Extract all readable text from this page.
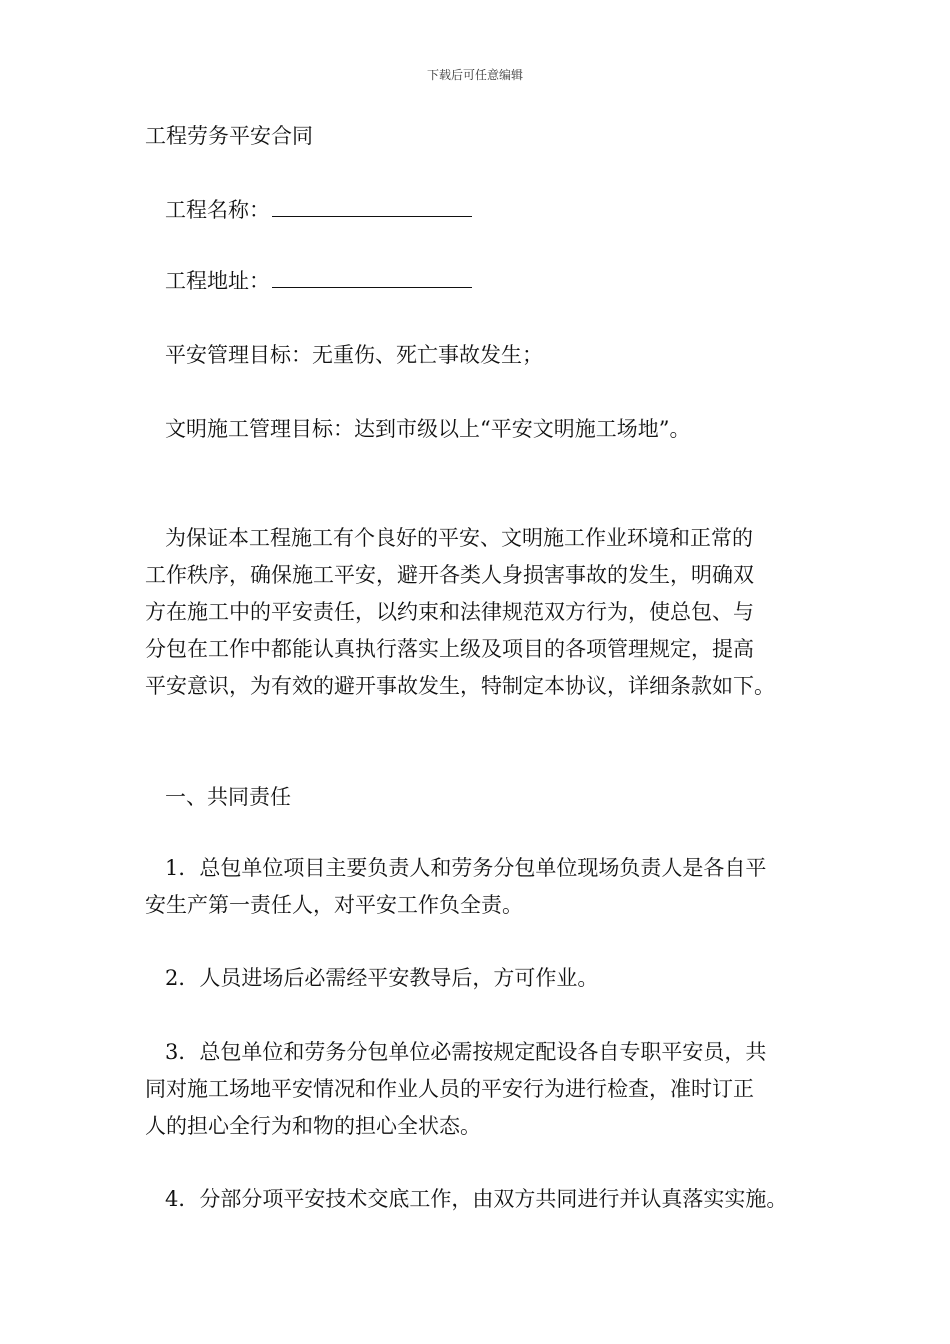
下载后可任意编辑
工程劳务平安合同
工程名称：
工程地址：
平安管理目标：无重伤、死亡事故发生；
文明施工管理目标：达到市级以上“平安文明施工场地”。
为保证本工程施工有个良好的平安、文明施工作业环境和正常的
工作秩序，确保施工平安，避开各类人身损害事故的发生，明确双
方在施工中的平安责任，以约束和法律规范双方行为，使总包、与
分包在工作中都能认真执行落实上级及项目的各项管理规定，提高
平安意识，为有效的避开事故发生，特制定本协议，详细条款如下。
一、共同责任
1．总包单位项目主要负责人和劳务分包单位现场负责人是各自平
安生产第一责任人，对平安工作负全责。
2．人员进场后必需经平安教导后，方可作业。
3．总包单位和劳务分包单位必需按规定配设各自专职平安员，共
同对施工场地平安情况和作业人员的平安行为进行检查，准时订正
人的担心全行为和物的担心全状态。
4．分部分项平安技术交底工作，由双方共同进行并认真落实实施。
